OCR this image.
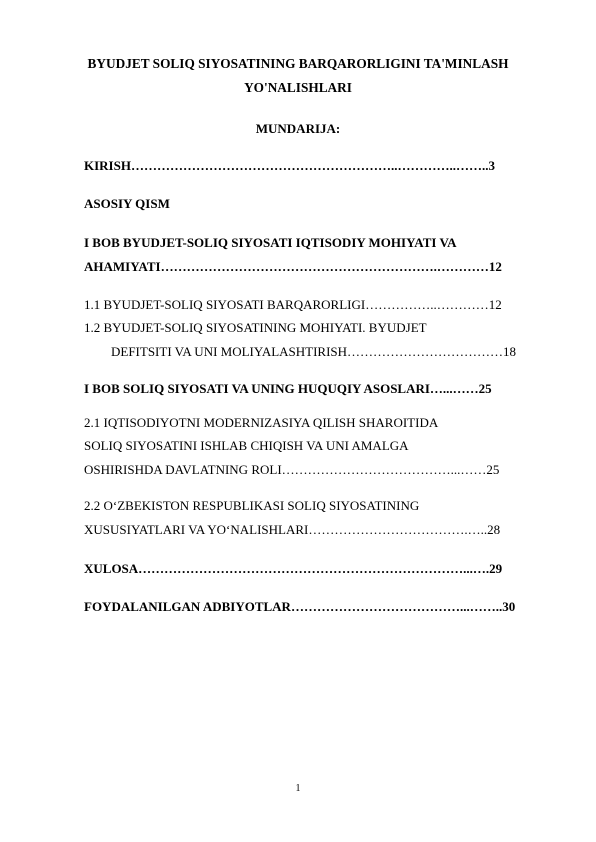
BYUDJET SOLIQ SIYOSATINING BARQARORLIGINI TA'MINLASH
YO'NALISHLARI
MUNDARIJA:
KIRISH……………………………………………………..…………..……..3
ASOSIY QISM
I BOB BYUDJET-SOLIQ SIYOSATI IQTISODIY MOHIYATI VA
AHAMIYATI……………………………………………………….…………12
1.1 BYUDJET-SOLIQ SIYOSATI BARQARORLIGI……………..…………12
1.2 BYUDJET-SOLIQ SIYOSATINING MOHIYATI. BYUDJET
DEFITSITI VA UNI MOLIYALASHTIRISH………………………………18
I BOB SOLIQ SIYOSATI VA UNING HUQUQIY ASOSLARI…...……25
2.1 IQTISODIYOTNI MODERNIZASIYA QILISH SHAROITIDA
SOLIQ SIYOSATINI ISHLAB CHIQISH VA UNI AMALGA
OSHIRISHDA DAVLATNING ROLI…………………………………...……25
2.2 O‘ZBEKISTON RESPUBLIKASI SOLIQ SIYOSATINING
XUSUSIYATLARI VA YO‘NALISHLARI……………………………….…..28
XULOSA…………………………………………………………………...….29
FOYDALANILGAN ADBIYOTLAR…………………………………...……..30
1
